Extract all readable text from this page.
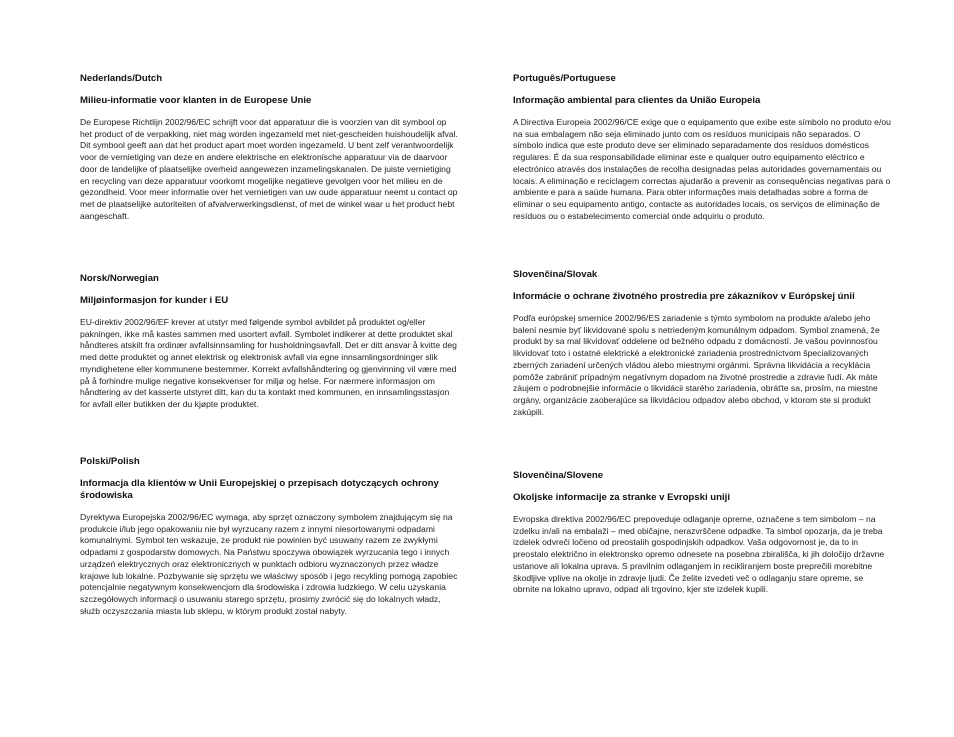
Nederlands/Dutch

Milieu-informatie voor klanten in de Europese Unie

De Europese Richtlijn 2002/96/EC schrijft voor dat apparatuur die is voorzien van dit symbool op het product of de verpakking, niet mag worden ingezameld met niet-gescheiden huishoudelijk afval. Dit symbool geeft aan dat het product apart moet worden ingezameld. U bent zelf verantwoordelijk voor de vernietiging van deze en andere elektrische en elektronische apparatuur via de daarvoor door de landelijke of plaatselijke overheid aangewezen inzamelingskanalen. De juiste vernietiging en recycling van deze apparatuur voorkomt mogelijke negatieve gevolgen voor het milieu en de gezondheid. Voor meer informatie over het vernietigen van uw oude apparatuur neemt u contact op met de plaatselijke autoriteiten of afvalverwerkingsdienst, of met de winkel waar u het product hebt aangeschaft.

Norsk/Norwegian

Miljøinformasjon for kunder i EU

EU-direktiv 2002/96/EF krever at utstyr med følgende symbol avbildet på produktet og/eller pakningen, ikke må kastes sammen med usortert avfall. Symbolet indikerer at dette produktet skal håndteres atskilt fra ordinær avfallsinnsamling for husholdningsavfall. Det er ditt ansvar å kvitte deg med dette produktet og annet elektrisk og elektronisk avfall via egne innsamlingsordninger slik myndighetene eller kommunene bestemmer. Korrekt avfallshåndtering og gjenvinning vil være med på å forhindre mulige negative konsekvenser for miljø og helse. For nærmere informasjon om håndtering av det kasserte utstyret ditt, kan du ta kontakt med kommunen, en innsamlingsstasjon for avfall eller butikken der du kjøpte produktet.

Polski/Polish

Informacja dla klientów w Unii Europejskiej o przepisach dotyczących ochrony środowiska

Dyrektywa Europejska 2002/96/EC wymaga, aby sprzęt oznaczony symbolem znajdującym się na produkcie i/lub jego opakowaniu nie był wyrzucany razem z innymi niesortowanymi odpadami komunalnymi. Symbol ten wskazuje, że produkt nie powinien być usuwany razem ze zwykłymi odpadami z gospodarstw domowych. Na Państwu spoczywa obowiązek wyrzucania tego i innych urządzeń elektrycznych oraz elektronicznych w punktach odbioru wyznaczonych przez władze krajowe lub lokalne. Pozbywanie się sprzętu we właściwy sposób i jego recykling pomogą zapobiec potencjalnie negatywnym konsekwencjom dla środowiska i zdrowia ludzkiego. W celu uzyskania szczegółowych informacji o usuwaniu starego sprzętu, prosimy zwrócić się do lokalnych władz, służb oczyszczania miasta lub sklepu, w którym produkt został nabyty.

Português/Portuguese

Informação ambiental para clientes da União Europeia

A Directiva Europeia 2002/96/CE exige que o equipamento que exibe este símbolo no produto e/ou na sua embalagem não seja eliminado junto com os resíduos municipais não separados. O símbolo indica que este produto deve ser eliminado separadamente dos resíduos domésticos regulares. É da sua responsabilidade eliminar este e qualquer outro equipamento eléctrico e electrónico através dos instalações de recolha designadas pelas autoridades governamentais ou locais. A eliminação e reciclagem correctas ajudarão a prevenir as consequências negativas para o ambiente e para a saúde humana. Para obter informações mais detalhadas sobre a forma de eliminar o seu equipamento antigo, contacte as autoridades locais, os serviços de eliminação de resíduos ou o estabelecimento comercial onde adquiriu o produto.

Slovenčina/Slovak

Informácie o ochrane životného prostredia pre zákazníkov v Európskej únii

Podľa európskej smernice 2002/96/ES zariadenie s týmto symbolom na produkte a/alebo jeho balení nesmie byť likvidované spolu s netriedeným komunálnym odpadom. Symbol znamená, že produkt by sa mal likvidovať oddelene od bežného odpadu z domácností. Je vašou povinnosťou likvidovať toto i ostatné elektrické a elektronické zariadenia prostredníctvom špecializovaných zberných zariadení určených vládou alebo miestnymi orgánmi. Správna likvidácia a recyklácia pomôže zabrániť prípadným negatívnym dopadom na životné prostredie a zdravie ľudí. Ak máte záujem o podrobnejšie informácie o likvidácii starého zariadenia, obráťte sa, prosím, na miestne orgány, organizácie zaoberajúce sa likvidáciou odpadov alebo obchod, v ktorom ste si produkt zakúpili.

Slovenčina/Slovene

Okoljske informacije za stranke v Evropski uniji

Evropska direktiva 2002/96/EC prepoveduje odlaganje opreme, označene s tem simbolom – na izdelku in/ali na embalaži – med običajne, nerazvrščene odpadke. Ta simbol opozarja, da je treba izdelek odvreči ločeno od preostalih gospodinjskih odpadkov. Vaša odgovornost je, da to in preostalo električno in elektronsko opremo odnesete na posebna zbirališča, ki jih določijo državne ustanove ali lokalna uprava. S pravilnim odlaganjem in recikliranjem boste preprečili morebitne škodljive vplive na okolje in zdravje ljudi. Če želite izvedeti več o odlaganju stare opreme, se obrnite na lokalno upravo, odpad ali trgovino, kjer ste izdelek kupili.
